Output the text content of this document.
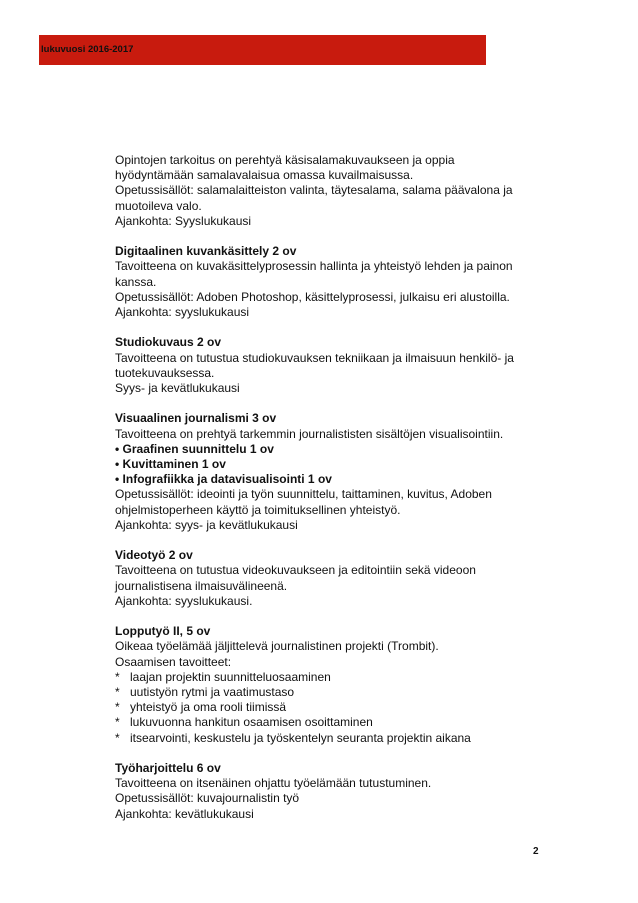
lukuvuosi 2016-2017

Opintojen tarkoitus on perehtyä käsisalamakuvaukseen ja oppia

hyödyntämään samalavalaisua omassa kuvailmaisussa.

Opetussisällöt: salamalaitteiston valinta, täytesalama, salama päävalona ja

muotoileva valo.

Ajankohta: Syyslukukausi

Digitaalinen kuvankäsittely 2 ov

Tavoitteena on kuvakäsittelyprosessin hallinta ja yhteistyö lehden ja painon

kanssa.

Opetussisällöt: Adoben Photoshop, käsittelyprosessi, julkaisu eri alustoilla.

Ajankohta: syyslukukausi

Studiokuvaus 2 ov

Tavoitteena on tutustua studiokuvauksen tekniikaan ja ilmaisuun henkilö- ja

tuotekuvauksessa.

Syys- ja kevätlukukausi

Visuaalinen journalismi 3 ov

Tavoitteena on prehtyä tarkemmin journalististen sisältöjen visualisointiin.

• Graafinen suunnittelu 1 ov

• Kuvittaminen 1 ov

• Infografiikka ja datavisualisointi 1 ov

Opetussisällöt: ideointi ja työn suunnittelu, taittaminen, kuvitus, Adoben

ohjelmistoperheen käyttö ja toimituksellinen yhteistyö.

Ajankohta: syys- ja kevätlukukausi

Videotyö 2 ov

Tavoitteena on tutustua videokuvaukseen ja editointiin sekä videoon

journalistisena ilmaisuvälineenä.

Ajankohta: syyslukukausi.

Lopputyö II, 5 ov

Oikeaa työelämää jäljittelevä journalistinen projekti (Trombit).

Osaamisen tavoitteet:

* laajan projektin suunnitteluosaaminen

* uutistyön rytmi ja vaatimustaso

* yhteistyö ja oma rooli tiimissä

* lukuvuonna hankitun osaamisen osoittaminen

* itsearvointi, keskustelu ja työskentelyn seuranta projektin aikana

Työharjoittelu 6 ov

Tavoitteena on itsenäinen ohjattu työelämään tutustuminen.

Opetussisällöt: kuvajournalistin työ

Ajankohta: kevätlukukausi

2
